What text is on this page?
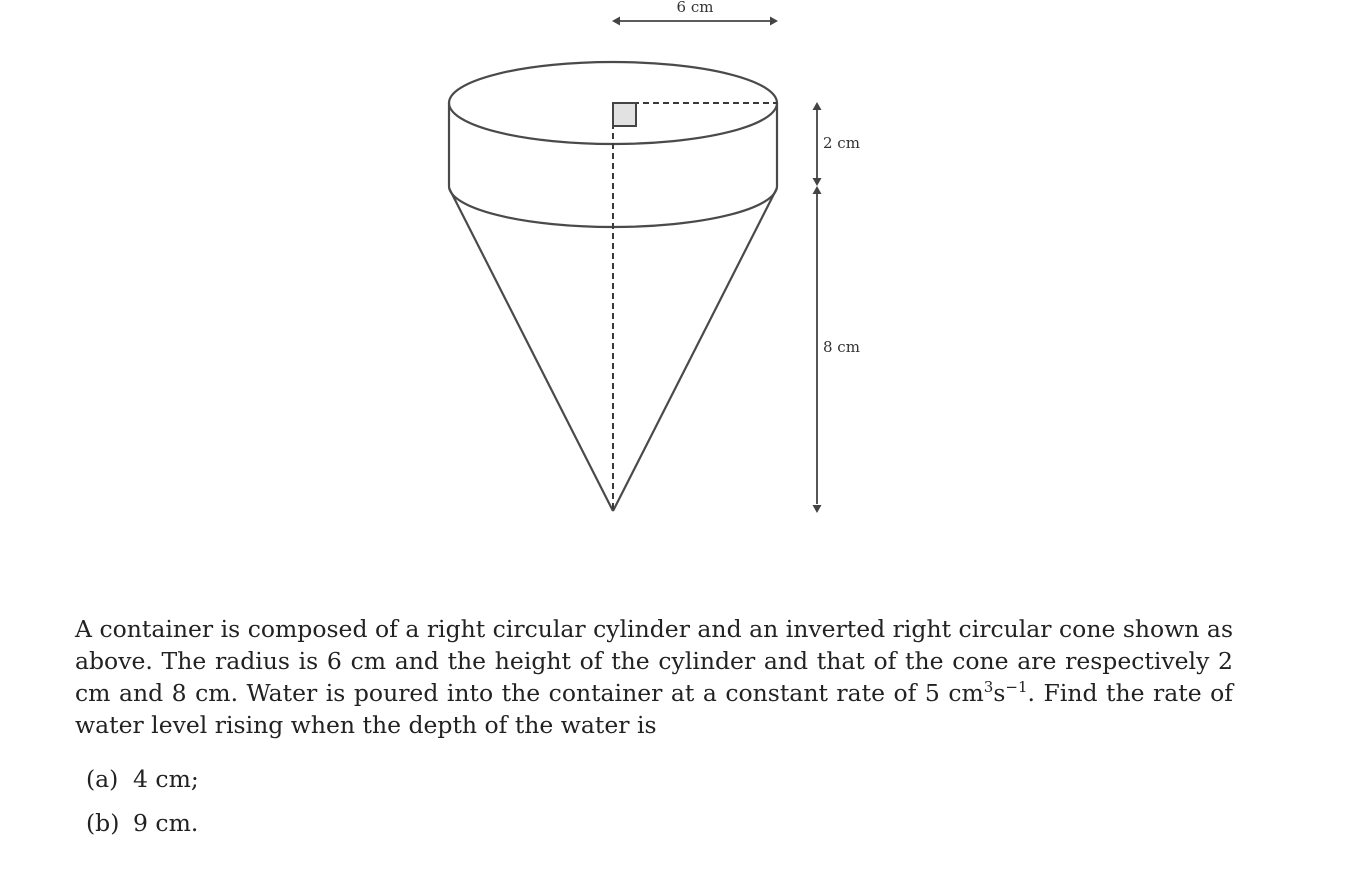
6 cm
2 cm
8 cm

A container is composed of a right circular cylinder and an inverted right circular cone shown as above. The radius is 6 cm and the height of the cylinder and that of the cone are respectively 2 cm and 8 cm. Water is poured into the container at a constant rate of 5 $cm^3s^{-1}$. Find the rate of water level rising when the depth of the water is

(a) 4 cm;
(b) 9 cm.
